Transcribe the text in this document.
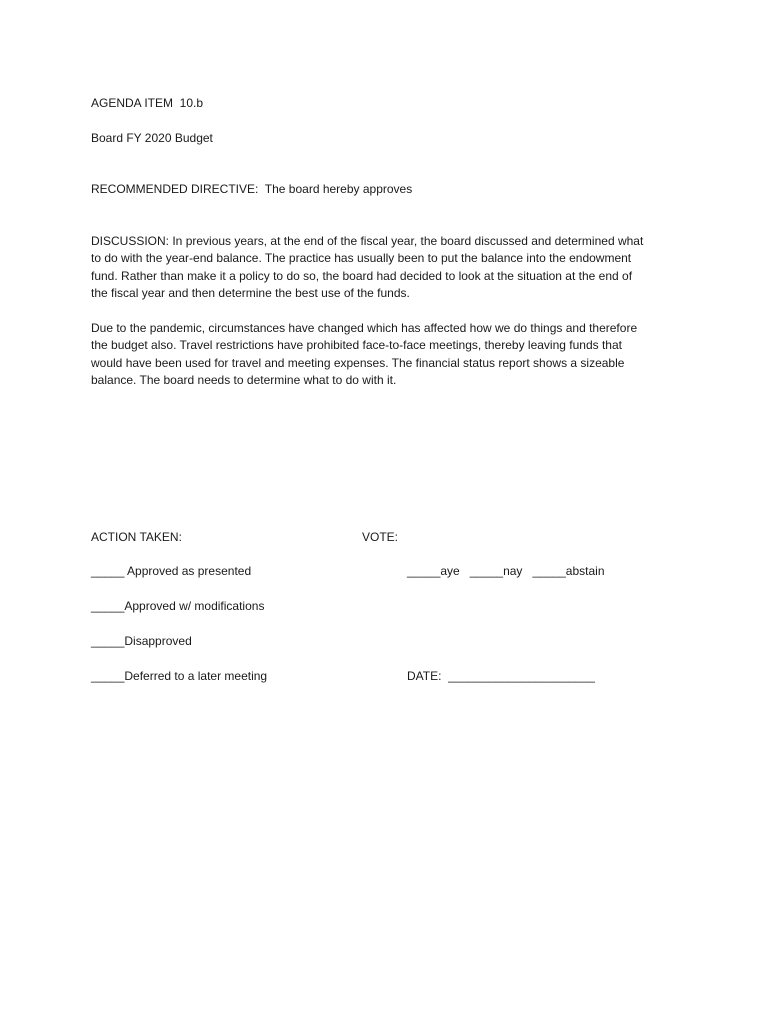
AGENDA ITEM  10.b
Board FY 2020 Budget
RECOMMENDED DIRECTIVE:  The board hereby approves

DISCUSSION: In previous years, at the end of the fiscal year, the board discussed and determined what

to do with the year-end balance. The practice has usually been to put the balance into the endowment

fund. Rather than make it a policy to do so, the board had decided to look at the situation at the end of

the fiscal year and then determine the best use of the funds.

Due to the pandemic, circumstances have changed which has affected how we do things and therefore

the budget also. Travel restrictions have prohibited face-to-face meetings, thereby leaving funds that

would have been used for travel and meeting expenses. The financial status report shows a sizeable

balance. The board needs to determine what to do with it.

ACTION TAKEN:	VOTE:
_____ Approved as presented	_____aye   _____nay   _____abstain
_____Approved w/ modifications
_____Disapproved
_____Deferred to a later meeting	DATE:  ______________________
